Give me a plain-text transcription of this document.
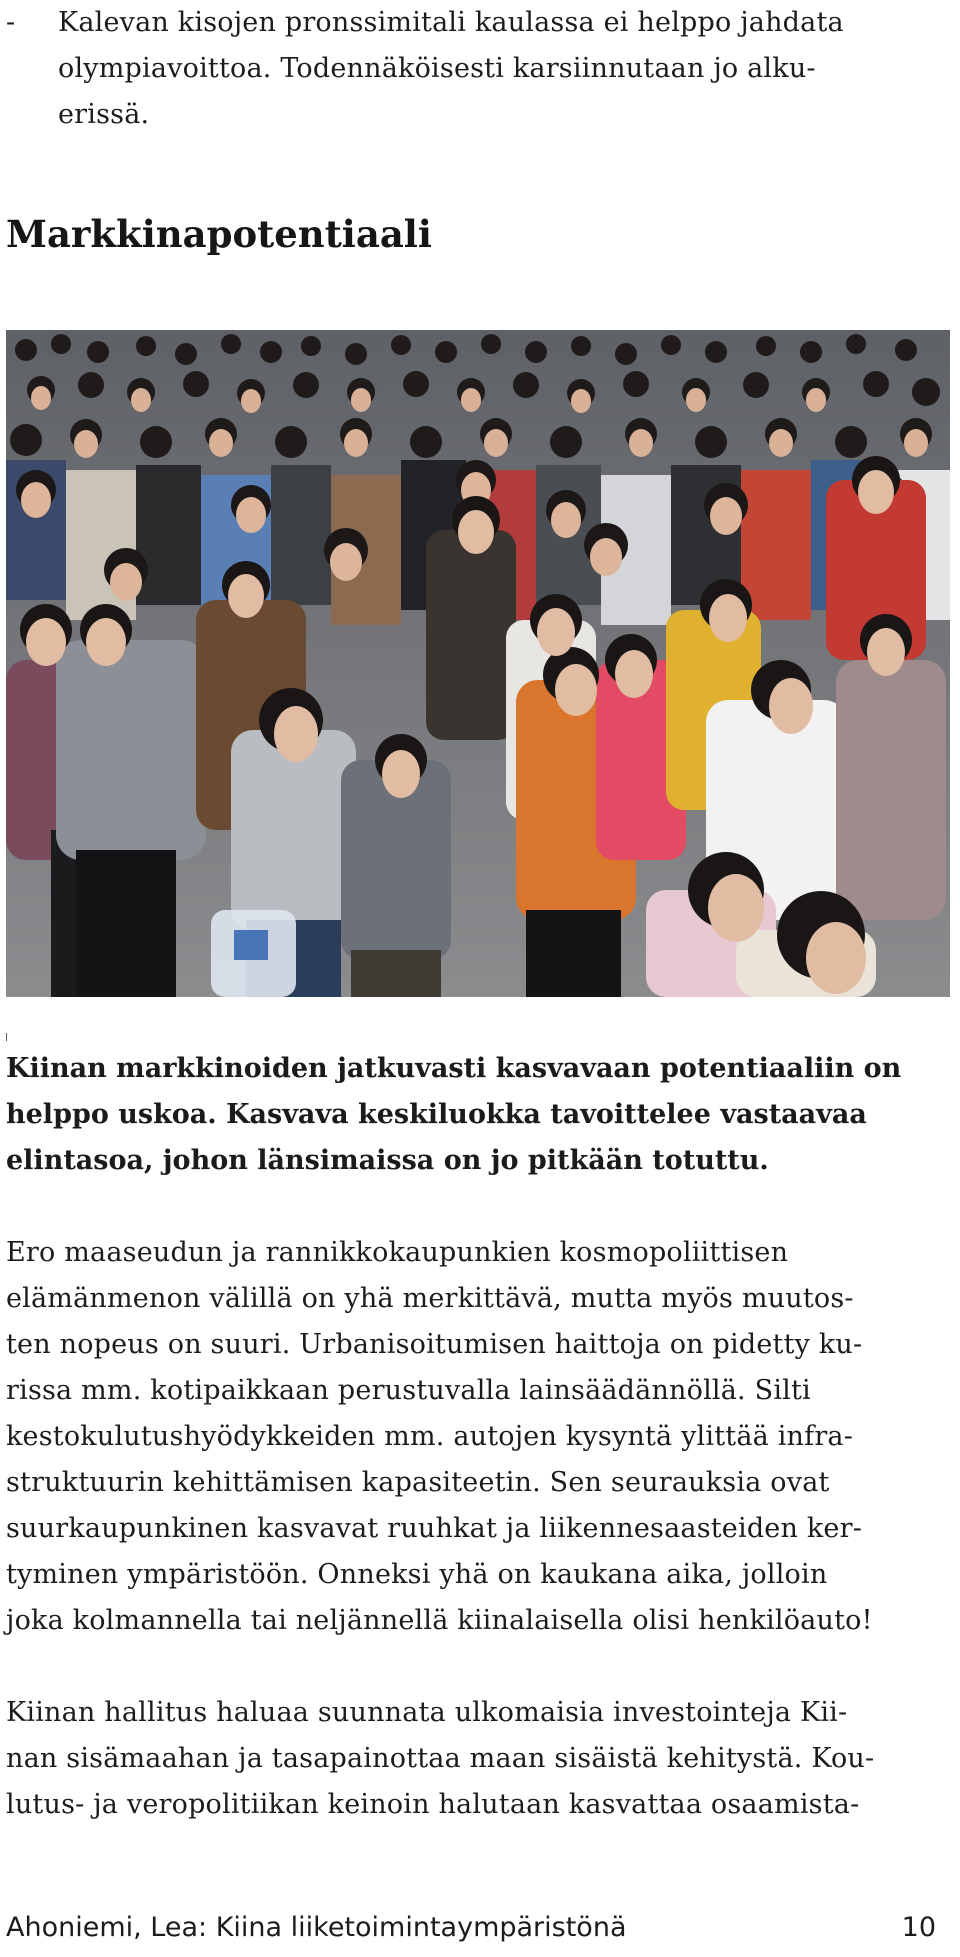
- Kalevan kisojen pronssimitali kaulassa ei helppo jahdata
olympiavoittoa. Todennäköisesti karsiinnutaan jo alku-
erissä.
Markkinapotentiaali
Kiinan markkinoiden jatkuvasti kasvavaan potentiaaliin on
helppo uskoa. Kasvava keskiluokka tavoittelee vastaavaa
elintasoa, johon länsimaissa on jo pitkään totuttu.
Ero maaseudun ja rannikkokaupunkien kosmopoliittisen
elämänmenon välillä on yhä merkittävä, mutta myös muutos-
ten nopeus on suuri. Urbanisoitumisen haittoja on pidetty ku-
rissa mm. kotipaikkaan perustuvalla lainsäädännöllä. Silti
kestokulutushyödykkeiden mm. autojen kysyntä ylittää infra-
struktuurin kehittämisen kapasiteetin. Sen seurauksia ovat
suurkaupunkinen kasvavat ruuhkat ja liikennesaasteiden ker-
tyminen ympäristöön. Onneksi yhä on kaukana aika, jolloin
joka kolmannella tai neljännellä kiinalaisella olisi henkilöauto!
Kiinan hallitus haluaa suunnata ulkomaisia investointeja Kii-
nan sisämaahan ja tasapainottaa maan sisäistä kehitystä. Kou-
lutus- ja veropolitiikan keinoin halutaan kasvattaa osaamista-
Ahoniemi, Lea: Kiina liiketoimintaympäristönä	10
